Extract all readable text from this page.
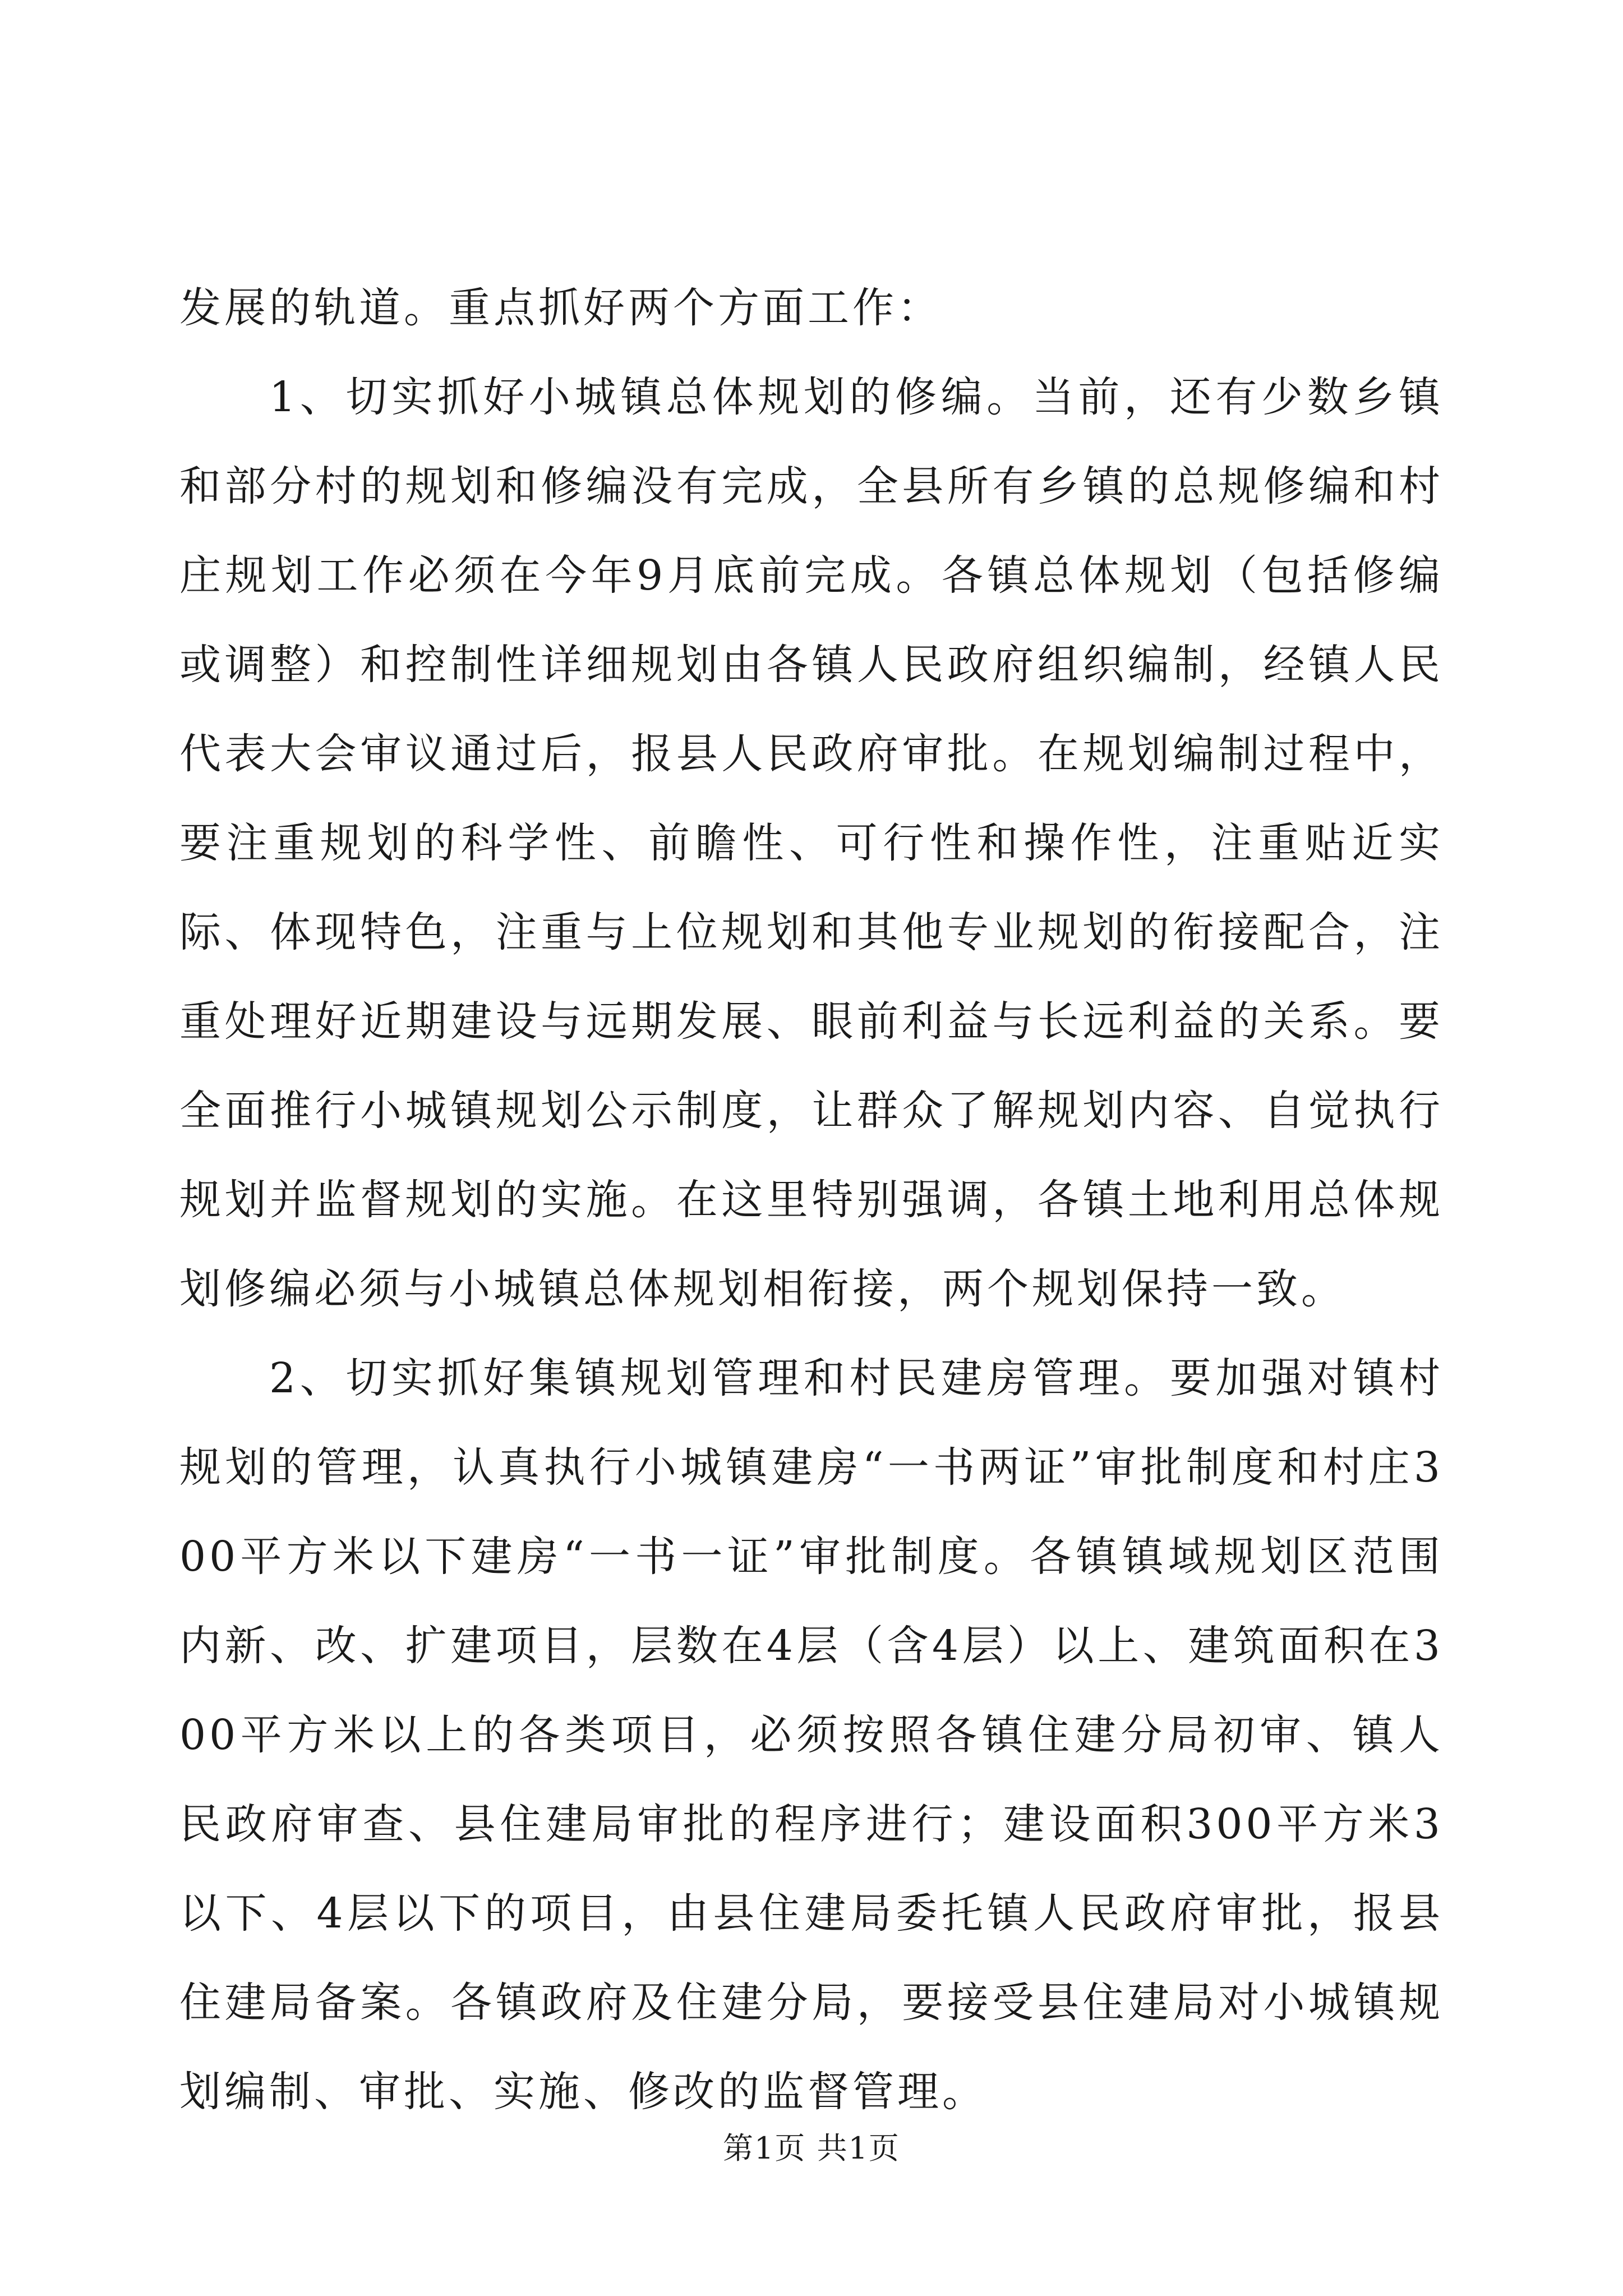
发展的轨道。重点抓好两个方面工作：

1、切实抓好小城镇总体规划的修编。当前，还有少数乡镇和部分村的规划和修编没有完成，全县所有乡镇的总规修编和村庄规划工作必须在今年9月底前完成。各镇总体规划（包括修编或调整）和控制性详细规划由各镇人民政府组织编制，经镇人民代表大会审议通过后，报县人民政府审批。在规划编制过程中，要注重规划的科学性、前瞻性、可行性和操作性，注重贴近实际、体现特色，注重与上位规划和其他专业规划的衔接配合，注重处理好近期建设与远期发展、眼前利益与长远利益的关系。要全面推行小城镇规划公示制度，让群众了解规划内容、自觉执行规划并监督规划的实施。在这里特别强调，各镇土地利用总体规划修编必须与小城镇总体规划相衔接，两个规划保持一致。

2、切实抓好集镇规划管理和村民建房管理。要加强对镇村规划的管理，认真执行小城镇建房“一书两证”审批制度和村庄300平方米以下建房“一书一证”审批制度。各镇镇域规划区范围内新、改、扩建项目，层数在4层（含4层）以上、建筑面积在300平方米以上的各类项目，必须按照各镇住建分局初审、镇人民政府审查、县住建局审批的程序进行；建设面积300平方米3以下、4层以下的项目，由县住建局委托镇人民政府审批，报县住建局备案。各镇政府及住建分局，要接受县住建局对小城镇规划编制、审批、实施、修改的监督管理。

第1页 共1页
